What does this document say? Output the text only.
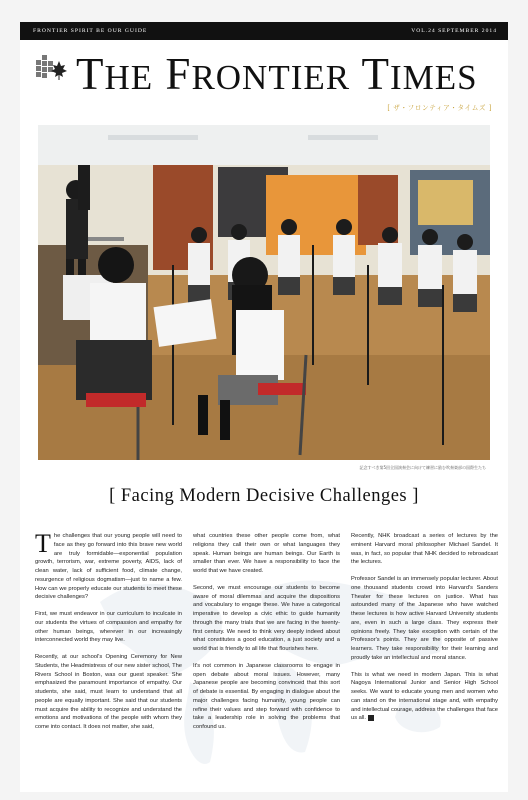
FRONTIER SPIRIT BE OUR GUIDE	VOL.24 SEPTEMBER 2014
THE FRONTIER TIMES
[ ザ・フロンティア・タイムズ ]
記念すべき第5回全国演奏会に向けて練習に励む吹奏楽部の国際生たち
[ Facing Modern Decisive Challenges ]

The challenges that our young people will need to face as they go forward into this brave new world are truly formidable—exponential population growth, terrorism, war, extreme poverty, AIDS, lack of clean water, lack of sufficient food, climate change, resurgence of religious dogmatism—just to name a few. How can we properly educate our students to meet these decisive challenges?

First, we must endeavor in our curriculum to inculcate in our students the virtues of compassion and empathy for other human beings, wherever in our increasingly interconnected world they may live.

Recently, at our school's Opening Ceremony for New Students, the Headmistress of our new sister school, The Rivers School in Boston, was our guest speaker. She emphasized the paramount importance of empathy. Our students, she said, must learn to understand that all people are equally important. She said that our students must acquire the ability to recognize and understand the emotions and motivations of the people with whom they come into contact. It does not matter, she said,

what countries these other people come from, what religions they call their own or what languages they speak. Human beings are human beings. Our Earth is smaller than ever. We have a responsibility to face the world that we have created.

Second, we must encourage our students to become aware of moral dilemmas and acquire the dispositions and vocabulary to engage these. We have a categorical imperative to develop a civic ethic to guide humanity through the many trials that we are facing in the twenty-first century. We need to think very deeply indeed about what constitutes a good education, a just society and a world that is friendly to all life that flourishes here.

It's not common in Japanese classrooms to engage in open debate about moral issues. However, many Japanese people are becoming convinced that this sort of debate is essential. By engaging in dialogue about the major challenges facing humanity, young people can refine their values and step forward with confidence to take a leadership role in solving the problems that confound us.

Recently, NHK broadcast a series of lectures by the eminent Harvard moral philosopher Michael Sandel. It was, in fact, so popular that NHK decided to rebroadcast the lectures.

Professor Sandel is an immensely popular lecturer. About one thousand students crowd into Harvard's Sanders Theater for these lectures on justice. What has astounded many of the Japanese who have watched these lectures is how active Harvard University students are, even in such a large class. They express their opinions freely. They take exception with certain of the Professor's points. They are the opposite of passive learners. They take responsibility for their learning and proudly take an intellectual and moral stance.

This is what we need in modern Japan. This is what Nagoya International Junior and Senior High School seeks. We want to educate young men and women who can stand on the international stage and, with empathy and intellectual courage, address the challenges that face us all.
